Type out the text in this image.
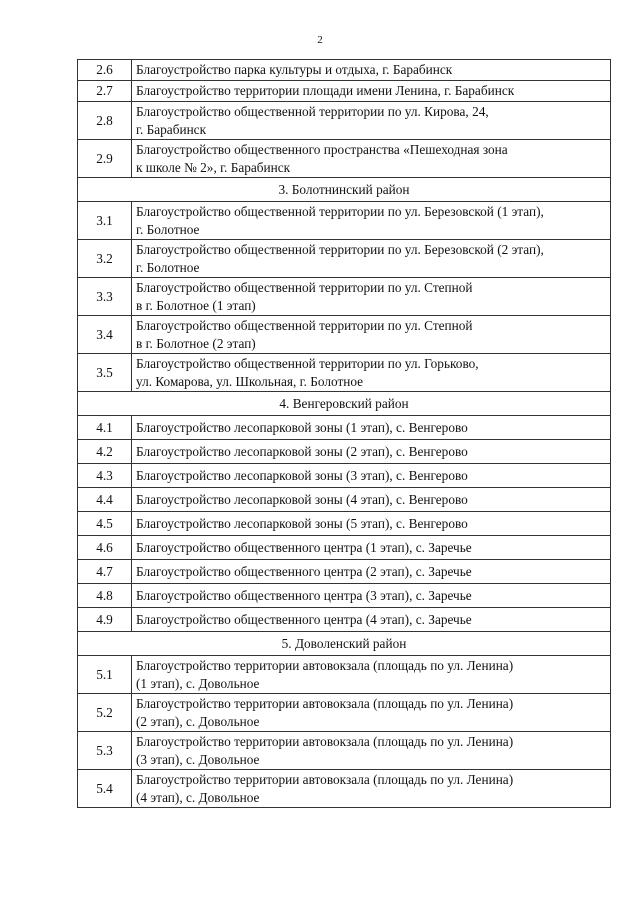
2
2.6	Благоустройство парка культуры и отдыха, г. Барабинск
2.7	Благоустройство территории площади имени Ленина, г. Барабинск
2.8	Благоустройство общественной территории по ул. Кирова, 24,
г. Барабинск
2.9	Благоустройство общественного пространства «Пешеходная зона
к школе № 2», г. Барабинск
3. Болотнинский район	
3.1	Благоустройство общественной территории по ул. Березовской (1 этап),
г. Болотное
3.2	Благоустройство общественной территории по ул. Березовской (2 этап),
г. Болотное
3.3	Благоустройство общественной территории по ул. Степной
в г. Болотное (1 этап)
3.4	Благоустройство общественной территории по ул. Степной
в г. Болотное (2 этап)
3.5	Благоустройство общественной территории по ул. Горьково,
ул. Комарова, ул. Школьная, г. Болотное
4. Венгеровский район	
4.1	Благоустройство лесопарковой зоны (1 этап), с. Венгерово
4.2	Благоустройство лесопарковой зоны (2 этап), с. Венгерово
4.3	Благоустройство лесопарковой зоны (3 этап), с. Венгерово
4.4	Благоустройство лесопарковой зоны (4 этап), с. Венгерово
4.5	Благоустройство лесопарковой зоны (5 этап), с. Венгерово
4.6	Благоустройство общественного центра (1 этап), с. Заречье
4.7	Благоустройство общественного центра (2 этап), с. Заречье
4.8	Благоустройство общественного центра (3 этап), с. Заречье
4.9	Благоустройство общественного центра (4 этап), с. Заречье
5. Доволенский район	
5.1	Благоустройство территории автовокзала (площадь по ул. Ленина)
(1 этап), с. Довольное
5.2	Благоустройство территории автовокзала (площадь по ул. Ленина)
(2 этап), с. Довольное
5.3	Благоустройство территории автовокзала (площадь по ул. Ленина)
(3 этап), с. Довольное
5.4	Благоустройство территории автовокзала (площадь по ул. Ленина)
(4 этап), с. Довольное
